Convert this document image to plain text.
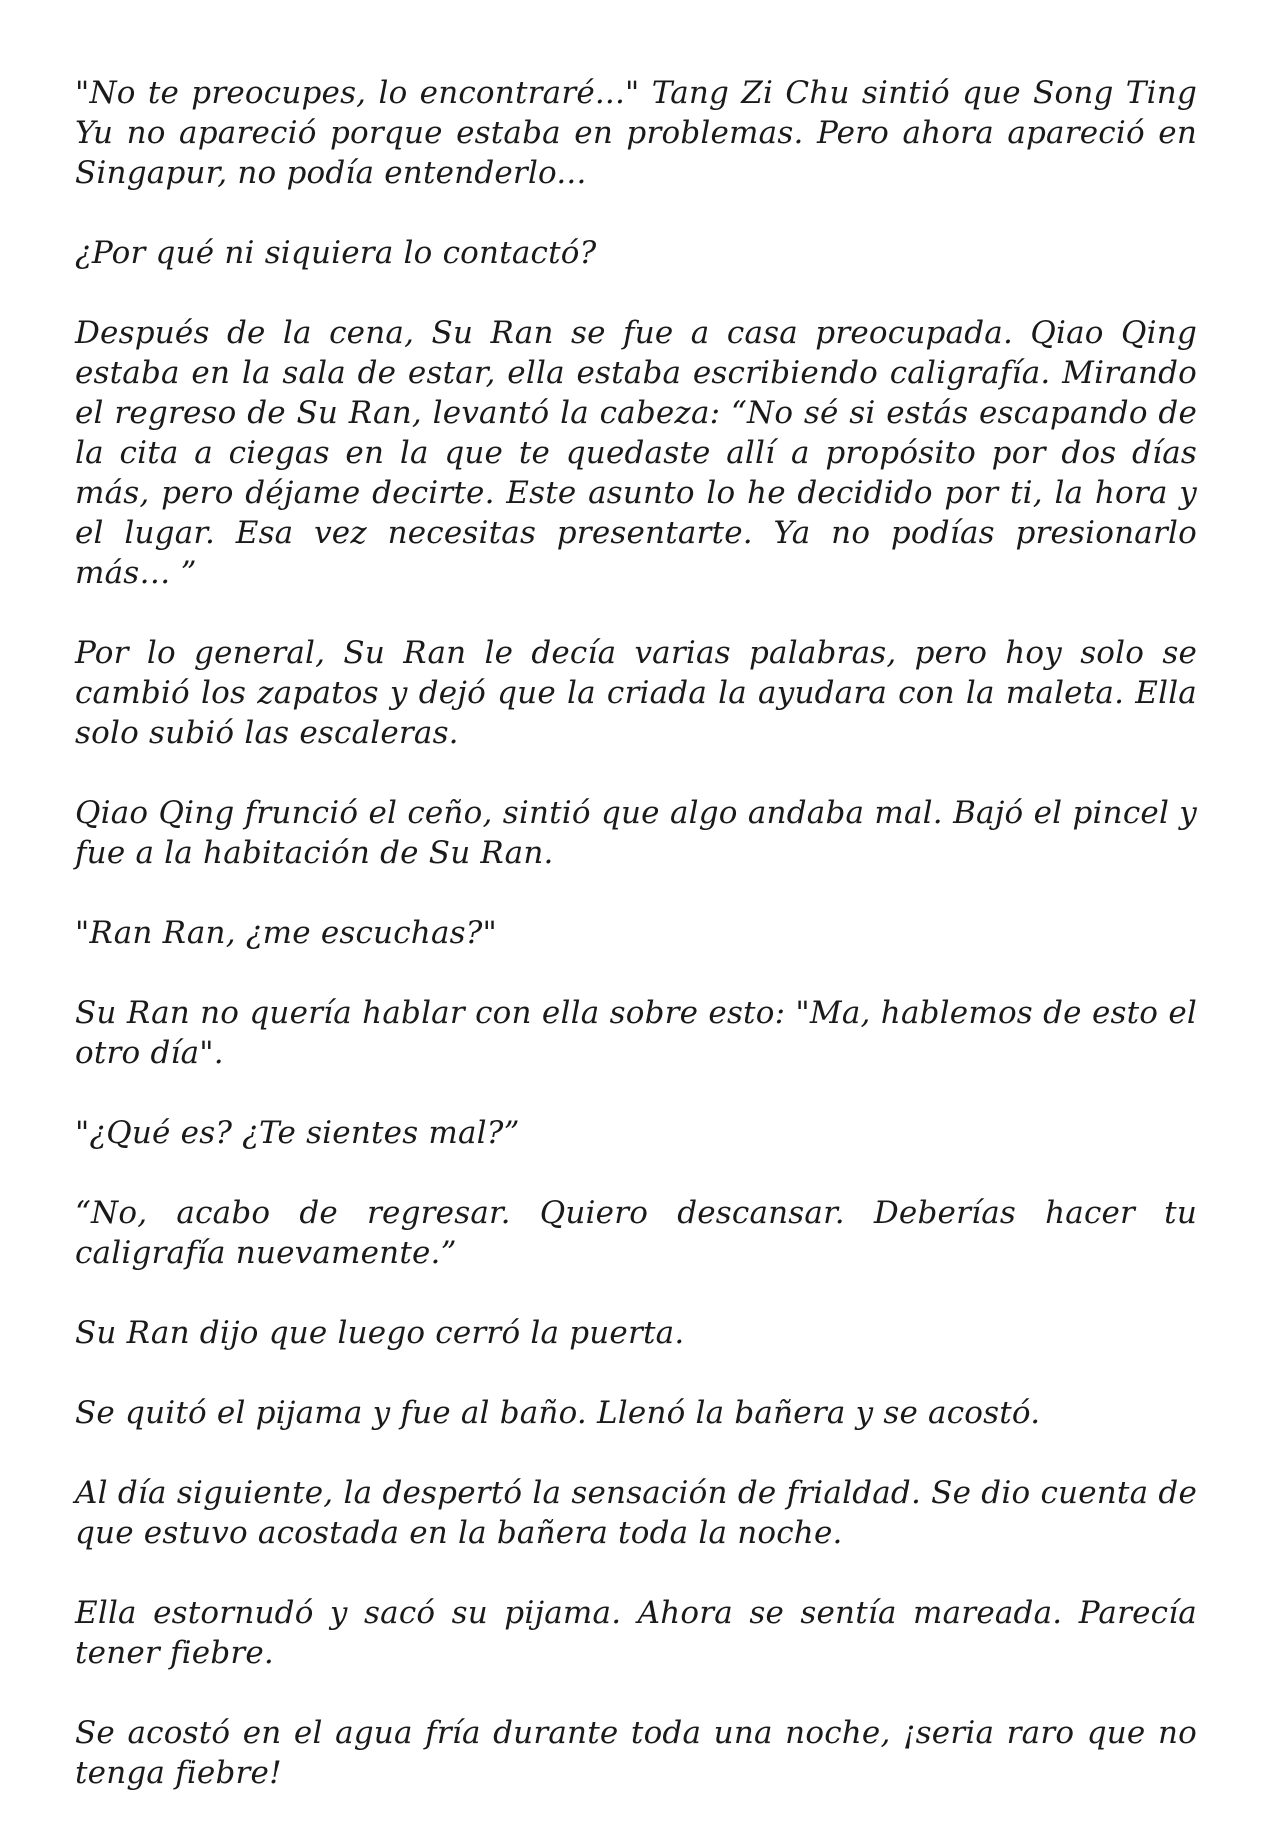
"No te preocupes, lo encontraré..." Tang Zi Chu sintió que Song Ting Yu no apareció porque estaba en problemas. Pero ahora apareció en Singapur, no podía entenderlo...

¿Por qué ni siquiera lo contactó?

Después de la cena, Su Ran se fue a casa preocupada. Qiao Qing estaba en la sala de estar, ella estaba escribiendo caligrafía. Mirando el regreso de Su Ran, levantó la cabeza: “No sé si estás escapando de la cita a ciegas en la que te quedaste allí a propósito por dos días más, pero déjame decirte. Este asunto lo he decidido por ti, la hora y el lugar. Esa vez necesitas presentarte. Ya no podías presionarlo más… ”

Por lo general, Su Ran le decía varias palabras, pero hoy solo se cambió los zapatos y dejó que la criada la ayudara con la maleta. Ella solo subió las escaleras.

Qiao Qing frunció el ceño, sintió que algo andaba mal. Bajó el pincel y fue a la habitación de Su Ran.

"Ran Ran, ¿me escuchas?"

Su Ran no quería hablar con ella sobre esto: "Ma, hablemos de esto el otro día".

"¿Qué es? ¿Te sientes mal?”

“No, acabo de regresar. Quiero descansar. Deberías hacer tu caligrafía nuevamente.”

Su Ran dijo que luego cerró la puerta.

Se quitó el pijama y fue al baño. Llenó la bañera y se acostó.

Al día siguiente, la despertó la sensación de frialdad. Se dio cuenta de que estuvo acostada en la bañera toda la noche.

Ella estornudó y sacó su pijama. Ahora se sentía mareada. Parecía tener fiebre.

Se acostó en el agua fría durante toda una noche, ¡seria raro que no tenga fiebre!
